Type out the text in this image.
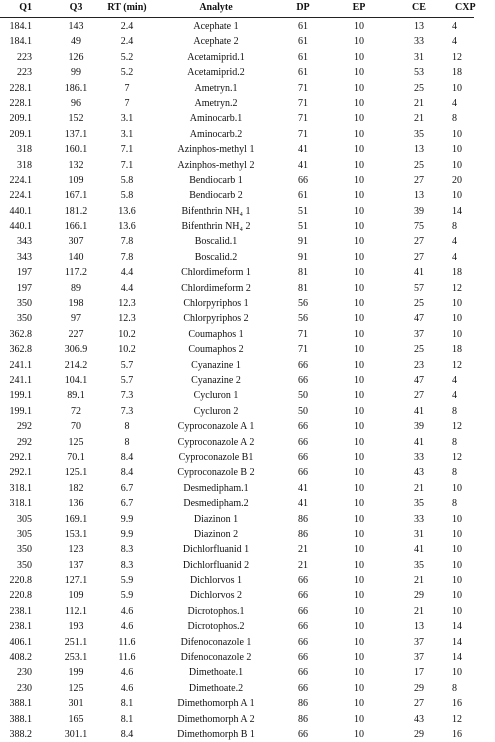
Q1	Q3	RT (min)	Analyte	DP	EP	CE	CXP
184.1	143	2.4	Acephate 1	61	10	13	4
184.1	49	2.4	Acephate 2	61	10	33	4
223	126	5.2	Acetamiprid.1	61	10	31	12
223	99	5.2	Acetamiprid.2	61	10	53	18
228.1	186.1	7	Ametryn.1	71	10	25	10
228.1	96	7	Ametryn.2	71	10	21	4
209.1	152	3.1	Aminocarb.1	71	10	21	8
209.1	137.1	3.1	Aminocarb.2	71	10	35	10
318	160.1	7.1	Azinphos-methyl 1	41	10	13	10
318	132	7.1	Azinphos-methyl 2	41	10	25	10
224.1	109	5.8	Bendiocarb 1	66	10	27	20
224.1	167.1	5.8	Bendiocarb 2	61	10	13	10
440.1	181.2	13.6	Bifenthrin NH₄ 1	51	10	39	14
440.1	166.1	13.6	Bifenthrin NH₄ 2	51	10	75	8
343	307	7.8	Boscalid.1	91	10	27	4
343	140	7.8	Boscalid.2	91	10	27	4
197	117.2	4.4	Chlordimeform 1	81	10	41	18
197	89	4.4	Chlordimeform 2	81	10	57	12
350	198	12.3	Chlorpyriphos 1	56	10	25	10
350	97	12.3	Chlorpyriphos 2	56	10	47	10
362.8	227	10.2	Coumaphos 1	71	10	37	10
362.8	306.9	10.2	Coumaphos 2	71	10	25	18
241.1	214.2	5.7	Cyanazine 1	66	10	23	12
241.1	104.1	5.7	Cyanazine 2	66	10	47	4
199.1	89.1	7.3	Cycluron 1	50	10	27	4
199.1	72	7.3	Cycluron 2	50	10	41	8
292	70	8	Cyproconazole A 1	66	10	39	12
292	125	8	Cyproconazole A 2	66	10	41	8
292.1	70.1	8.4	Cyproconazole B1	66	10	33	12
292.1	125.1	8.4	Cyproconazole B 2	66	10	43	8
318.1	182	6.7	Desmedipham.1	41	10	21	10
318.1	136	6.7	Desmedipham.2	41	10	35	8
305	169.1	9.9	Diazinon 1	86	10	33	10
305	153.1	9.9	Diazinon 2	86	10	31	10
350	123	8.3	Dichlorfluanid 1	21	10	41	10
350	137	8.3	Dichlorfluanid 2	21	10	35	10
220.8	127.1	5.9	Dichlorvos 1	66	10	21	10
220.8	109	5.9	Dichlorvos 2	66	10	29	10
238.1	112.1	4.6	Dicrotophos.1	66	10	21	10
238.1	193	4.6	Dicrotophos.2	66	10	13	14
406.1	251.1	11.6	Difenoconazole 1	66	10	37	14
408.2	253.1	11.6	Difenoconazole 2	66	10	37	14
230	199	4.6	Dimethoate.1	66	10	17	10
230	125	4.6	Dimethoate.2	66	10	29	8
388.1	301	8.1	Dimethomorph A 1	86	10	27	16
388.1	165	8.1	Dimethomorph A 2	86	10	43	12
388.2	301.1	8.4	Dimethomorph B 1	66	10	29	16
